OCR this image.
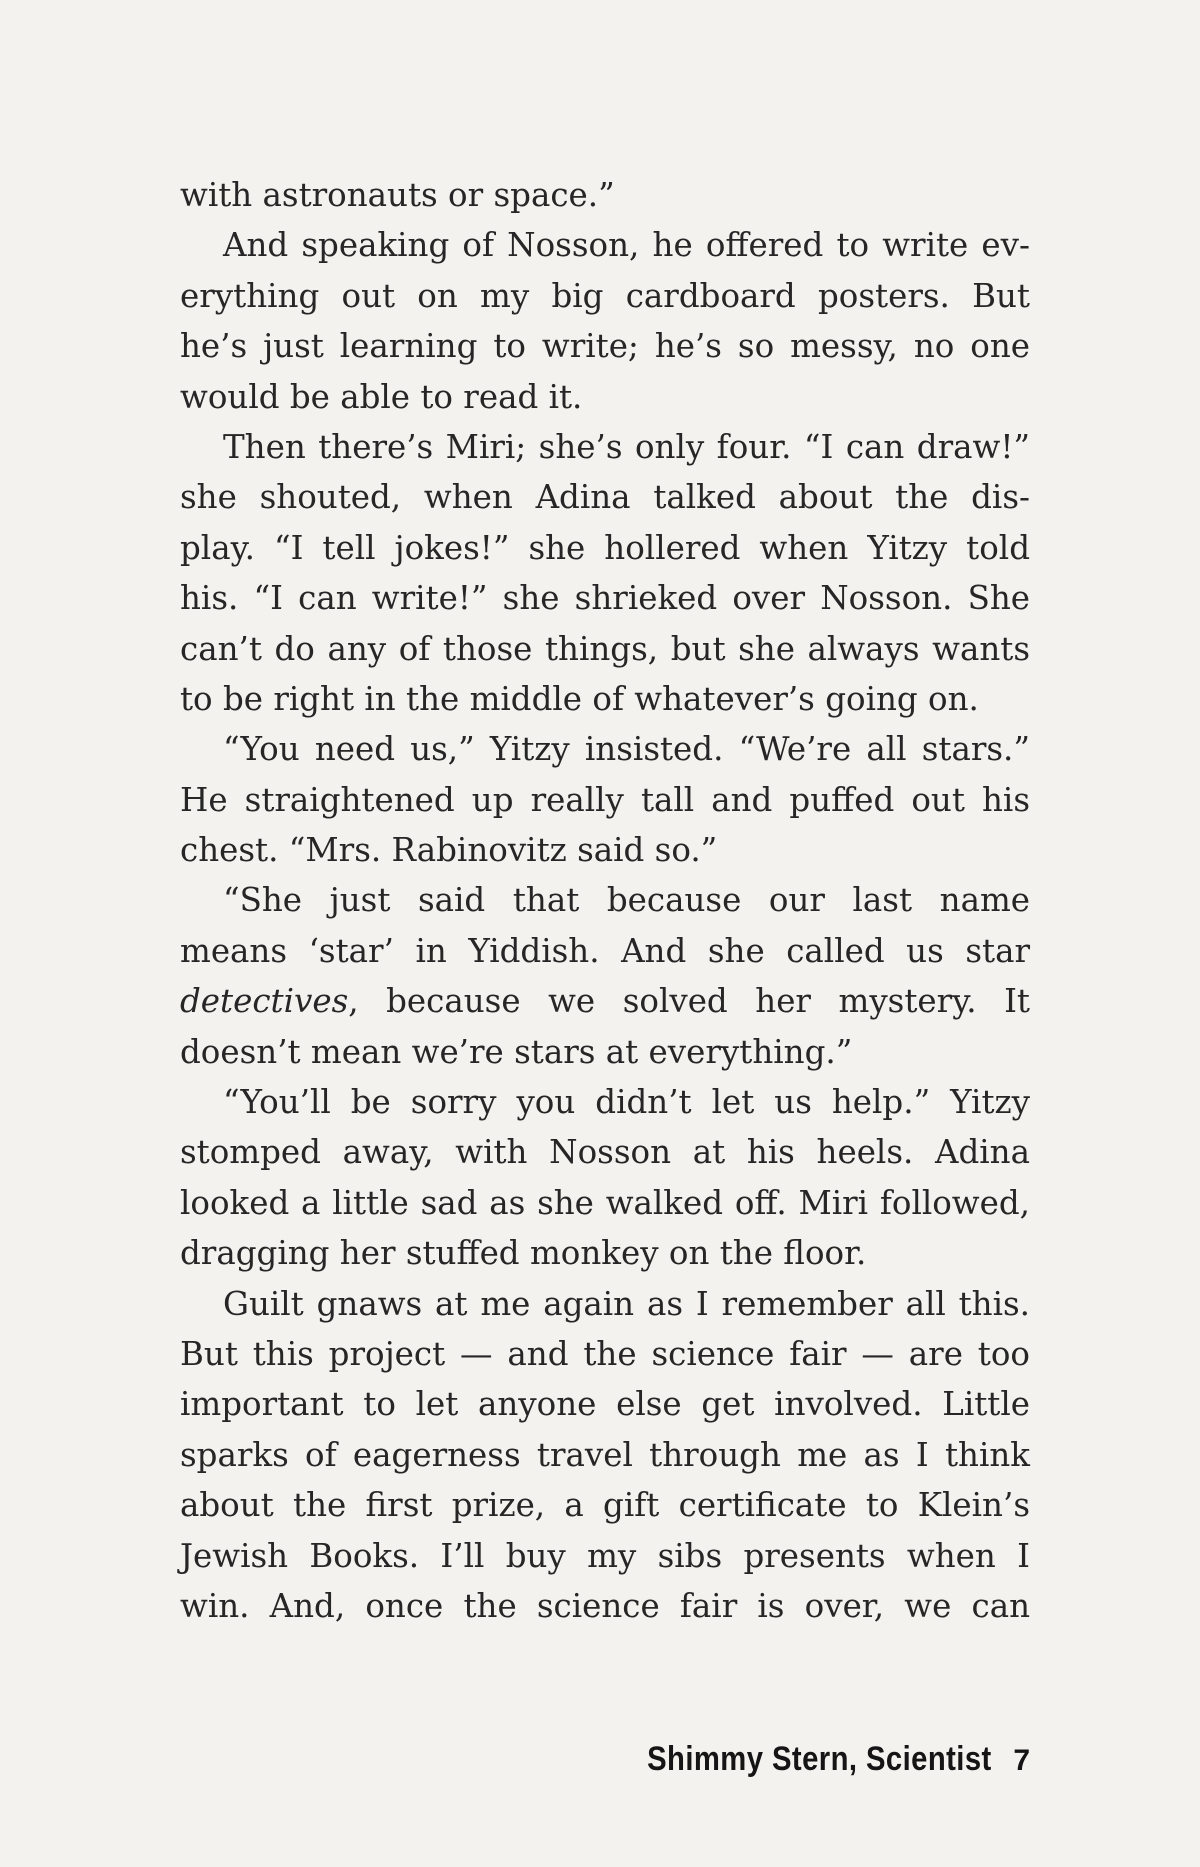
with astronauts or space.”
And speaking of Nosson, he offered to write ev-
erything out on my big cardboard posters. But
he’s just learning to write; he’s so messy, no one
would be able to read it.
Then there’s Miri; she’s only four. “I can draw!”
she shouted, when Adina talked about the dis-
play. “I tell jokes!” she hollered when Yitzy told
his. “I can write!” she shrieked over Nosson. She
can’t do any of those things, but she always wants
to be right in the middle of whatever’s going on.
“You need us,” Yitzy insisted. “We’re all stars.”
He straightened up really tall and puffed out his
chest. “Mrs. Rabinovitz said so.”
“She just said that because our last name
means ‘star’ in Yiddish. And she called us star
detectives, because we solved her mystery. It
doesn’t mean we’re stars at everything.”
“You’ll be sorry you didn’t let us help.” Yitzy
stomped away, with Nosson at his heels. Adina
looked a little sad as she walked off. Miri followed,
dragging her stuffed monkey on the floor.
Guilt gnaws at me again as I remember all this.
But this project — and the science fair — are too
important to let anyone else get involved. Little
sparks of eagerness travel through me as I think
about the first prize, a gift certificate to Klein’s
Jewish Books. I’ll buy my sibs presents when I
win. And, once the science fair is over, we can
Shimmy Stern, Scientist 7
